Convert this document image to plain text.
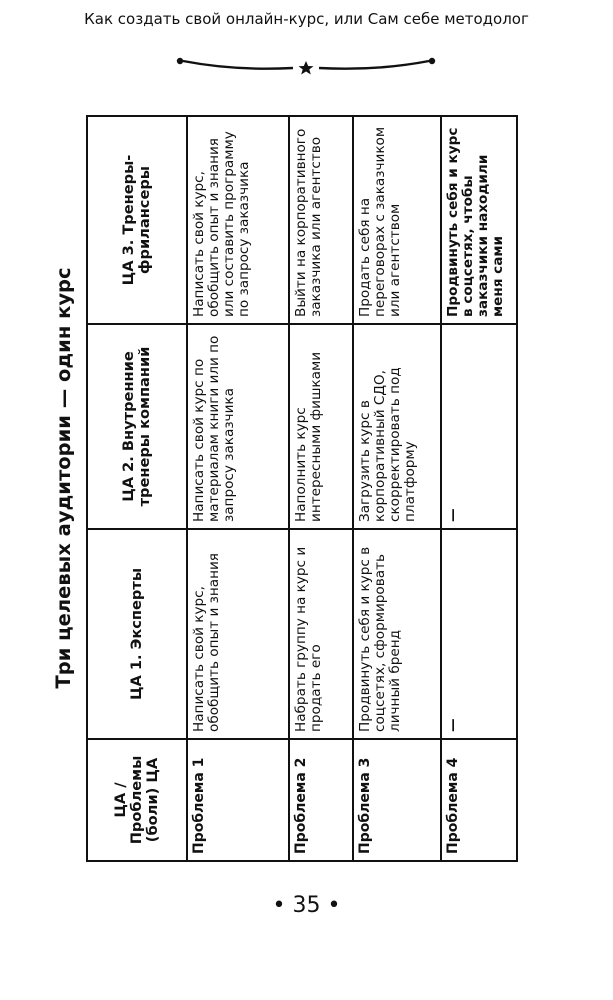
Как создать свой онлайн-курс, или Сам себе методолог
Три целевых аудитории — один курс
ЦА / Проблемы (боли) ЦА	ЦА 1. Эксперты	ЦА 2. Внутренние тренеры компаний	ЦА 3. Тренеры-фрилансеры
Проблема 1	Написать свой курс, обобщить опыт и знания	Написать свой курс по материалам книги или по запросу заказчика	Написать свой курс, обобщить опыт и знания или составить программу по запросу заказчика
Проблема 2	Набрать группу на курс и продать его	Наполнить курс интересными фишками	Выйти на корпоративного заказчика или агентство
Проблема 3	Продвинуть себя и курс в соцсетях, сформировать личный бренд	Загрузить курс в корпоративный СДО, скорректировать под платформу	Продать себя на переговорах с заказчиком или агентством
Проблема 4	—	—	Продвинуть себя и курс в соцсетях, чтобы заказчики находили меня сами
• 35 •
